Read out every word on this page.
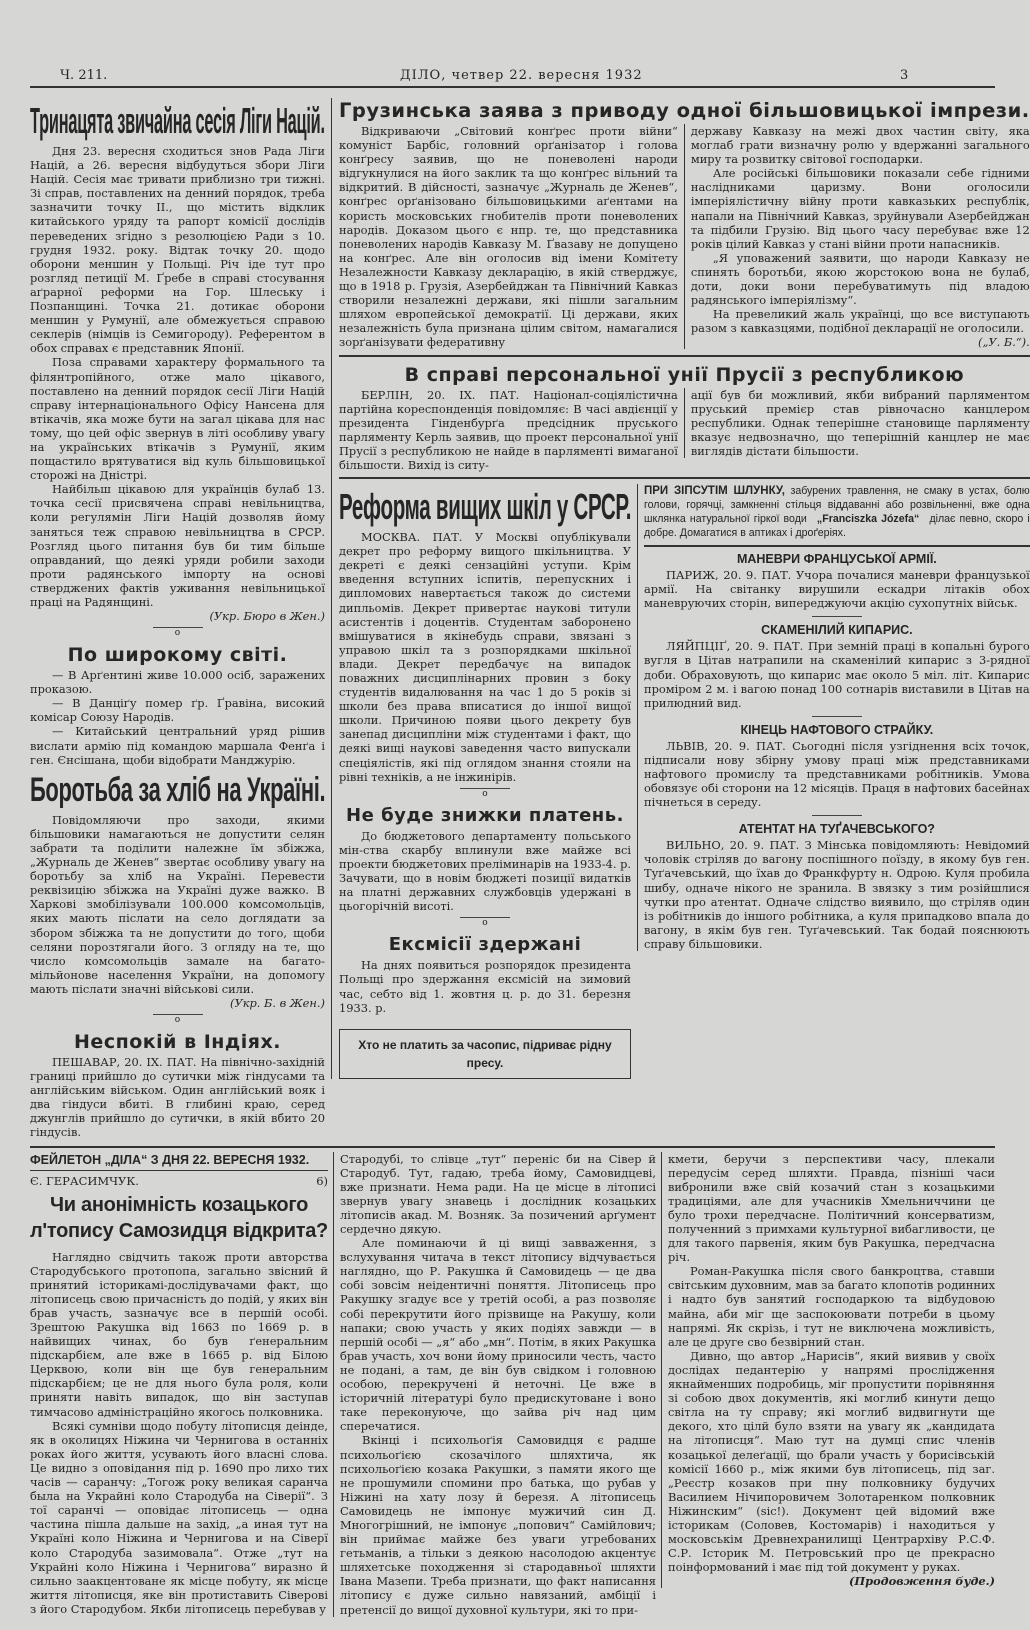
Ч. 211.	ДІЛО, четвер 22. вересня 1932	3
Тринацята звичайна сесія Ліги Націй.

Дня 23. вересня сходиться знов Рада Ліги Націй, а 26. вересня відбудуться збори Ліги Націй. Сесія має тривати приблизно три тижні. Зі справ, поставлених на денний порядок, треба зазначити точку II., що містить відклик китайського уряду та рапорт комісії дослідів переведених згідно з резолюцією Ради з 10. грудня 1932. року. Відтак точку 20. щодо оборони меншин у Польщі. Річ іде тут про розгляд петиції М. Ґребе в справі стосування аґрарної реформи на Гор. Шлеську і Позпанщині. Точка 21. дотикає оборони меншин у Румунії, але обмежується справою секлерів (німців із Семигороду). Референтом в обох справах є представник Японії.

Поза справами характеру формального та філянтропійного, отже мало цікавого, поставлено на денний порядок сесії Ліги Націй справу інтернаціонального Офісу Нансена для втікачів, яка може бути на загал цікава для нас тому, що цей офіс звернув в літі особливу увагу на українських втікачів з Румунії, яким пощастило врятуватися від куль більшовицької сторожі на Дністрі.

Найбільш цікавою для українців булаб 13. точка сесії присвячена справі невільництва, коли регулямін Ліги Націй дозволяв йому заняться теж справою невільництва в СРСР. Розгляд цього питання був би тим більше оправданий, що деякі уряди робили заходи проти радянського імпорту на основі стверджених фактів уживання невільницької праці на Радянщині.

(Укр. Бюро в Жен.)
o
По широкому світі.

— В Арґентині живе 10.000 осіб, заражених проказою.

— В Данціґу помер ґр. Ґравіна, високий комісар Союзу Народів.

— Китайський центральний уряд рішив вислати армію під командою маршала Фенґа і ген. Єнсішана, щоби відобрати Манджурію.

Боротьба за хліб на Україні.

Повідомляючи про заходи, якими більшовики намагаються не допустити селян забрати та поділити належне їм збіжжа, „Журналь де Женев“ звертає особливу увагу на боротьбу за хліб на Україні. Перевести реквізицію збіжжа на Україні дуже важко. В Харкові змобілізували 100.000 комсомольців, яких мають післати на село доглядати за збором збіжжа та не допустити до того, щоби селяни порозтягали його. З огляду на те, що число комсомольців замале на багато-мільйонове населення України, на допомогу мають післати значні військові сили.

(Укр. Б. в Жен.)
o
Неспокій в Індіях.

ПЕШАВАР, 20. IX. ПАТ. На північно-західній границі прийшло до сутички між гіндусами та англійським військом. Один англійський вояк і два гіндуси вбиті. В глибині краю, серед джунглів прийшло до сутички, в якій вбито 20 гіндусів.

Грузинська заява з приводу одної більшовицької імпрези.

Відкриваючи „Світовий конґрес проти війни“ комуніст Барбіс, головний орґанізатор і голова конґресу заявив, що не поневолені народи відгукнулися на його заклик та що конґрес вільний та відкритий. В дійсності, зазначує „Журналь де Женев“, конґрес орґанізовано більшовицькими аґентами на користь московських гнобителів проти поневолених народів. Доказом цього є нпр. те, що представника поневолених народів Кавказу М. Ґвазаву не допущено на конґрес. Але він оголосив від імени Комітету Незалежности Кавказу декларацію, в якій стверджує, що в 1918 р. Грузія, Азербейджан та Північний Кавказ створили незалежні держави, які пішли загальним шляхом европейської демократії. Ці держави, яких незалежність була признана цілим світом, намагалися зорґанізувати федеративну

державу Кавказу на межі двох частин світу, яка моглаб грати визначну ролю у вдержанні загального миру та розвитку світової господарки.

Але російські більшовики показали себе гідними наслідниками царизму. Вони оголосили імперіялістичну війну проти кавказьких республік, напали на Північний Кавказ, зруйнували Азербейджан та підбили Грузію. Від цього часу перебуває вже 12 років цілий Кавказ у стані війни проти напасників.

„Я уповажений заявити, що народи Кавказу не спинять боротьби, якою жорстокою вона не булаб, доти, доки вони перебуватимуть під владою радянського імперіялізму“.

На превеликий жаль українці, що все виступають разом з кавказцями, подібної декларації не оголосили.

(„У. Б.“).
В справі персональної унії Прусії з республикою

БЕРЛІН, 20. IX. ПАТ. Націонал-соціялістична партійна кореспонденція повідомляє: В часі авдієнції у президента Гінденбурґа предсідник пруського парляменту Керль заявив, що проект персональної унії Прусії з республикою не найде в парляменті вимаганої більшости. Вихід із ситу-

ації був би можливий, якби вибраний парляментом пруський премієр став рівночасно канцлером республики. Однак теперішне становище парляменту вказує недвозначно, що теперішній канцлер не має виглядів дістати більшости.

Реформа вищих шкіл у СРСР.

МОСКВА. ПАТ. У Москві опублікували декрет про реформу вищого шкільництва. У декреті є деякі сензаційні уступи. Крім введення вступних іспитів, перепускних і дипломових навертається також до системи дипльомів. Декрет привертає наукові титули асистентів і доцентів. Студентам заборонено вмішуватися в якінебудь справи, звязані з управою шкіл та з розпорядками шкільної влади. Декрет передбачує на випадок поважних дисциплінарних провин з боку студентів видалювання на час 1 до 5 років зі школи без права вписатися до іншої вищої школи. Причиною появи цього декрету був занепад дисципліни між студентами і факт, що деякі вищі наукові заведення часто випускали спеціялістів, які під оглядом знання стояли на рівні техніків, а не інжинірів.

o
Не буде знижки платень.

До бюджетового департаменту польського мін-ства скарбу вплинули вже майже всі проекти бюджетових преліминарів на 1933-4. р. Зачувати, що в новім бюджеті позиції видатків на платні державних службовців удержані в цьогорічній висоті.

o
Ексмісії здержані

На днях появиться розпорядок президента Польщі про здержання ексмісій на зимовий час, себто від 1. жовтня ц. р. до 31. березня 1933. р.

Хто не платить за часопис, підриває рідну пресу.
ПРИ ЗІПСУТІМ ШЛУНКУ, забурених травлення, не смаку в устах, болю голови, горячці, замкненні стільця віддаванні або розвільненні, вже одна шклянка натуральної гіркої води „Franciszka Józefa“ ділає певно, скоро і добре. Домагатися в аптиках і дроґеріях.
МАНЕВРИ ФРАНЦУСЬКОЇ АРМІЇ.

ПАРИЖ, 20. 9. ПАТ. Учора почалися маневри французької армії. На світанку вирушили ескадри літаків обох маневруючих сторін, випереджуючи акцію сухопутніх військ.

СКАМЕНІЛИЙ КИПАРИС.

ЛЯЙПЦІҐ, 20. 9. ПАТ. При земній праці в копальні бурого вугля в Цітав натрапили на скаменілий кипарис з 3-рядної доби. Обраховують, що кипарис має около 5 міл. літ. Кипарис проміром 2 м. і вагою понад 100 сотнарів виставили в Цітав на прилюдний вид.

КІНЕЦЬ НАФТОВОГО СТРАЙКУ.

ЛЬВІВ, 20. 9. ПАТ. Сьогодні після узгіднення всіх точок, підписали нову збірну умову праці між представниками нафтового промислу та представниками робітників. Умова обовязує обі сторони на 12 місяців. Праця в нафтових басейнах пічнеться в середу.

АТЕНТАТ НА ТУҐАЧЕВСЬКОГО?

ВИЛЬНО, 20. 9. ПАТ. З Мінська повідомляють: Невідомий чоловік стріляв до вагону поспішного поїзду, в якому був ген. Туґачевський, що їхав до Франкфурту н. Одрою. Куля пробила шибу, одначе нікого не зранила. В звязку з тим розійшлися чутки про атентат. Одначе слідство виявило, що стріляв один із робітників до іншого робітника, а куля припадково впала до вагону, в якім був ген. Туґачевський. Так бодай пояснюють справу більшовики.

ФЕЙЛЕТОН „ДІЛА“ З ДНЯ 22. ВЕРЕСНЯ 1932.
Є. ГЕРАСИМЧУК.	6)
Чи анонімність козацького л'топису Самозидця відкрита?

Наглядно свідчить також проти авторства Стародубського протопопа, загально звісний й принятий історикамі-дослідувачами факт, що літописець свою причасність до подій, у яких він брав участь, зазначує все в першій особі. Зрештою Ракушка від 1663 по 1669 р. в найвищих чинах, бо був ґенеральним підскарбієм, але вже в 1665 р. від Білою Церквою, коли він ще був генеральним підскарбієм; це не для нього була роля, коли приняти навіть випадок, що він заступав тимчасово адміністраційно якогось полковника.

Всякі сумніви щодо побуту літописця деінде, як в околицях Ніжина чи Чернигова в останніх роках його життя, усувають його власні слова. Це видно з оповідання під р. 1690 про лихо тих часів — саранчу: „Тогож року великая саранча была на Украйні коло Стародуба на Сіверії“. З тої саранчі — оповідає літописець — одна частина пішла дальше на захід, „а иная тут на Україні коло Ніжина и Чернигова и на Сіверї коло Стародуба зазимовала“. Отже „тут на Украйні коло Ніжина і Чернигова“ виразно й сильно заакцентоване як місце побуту, як місце життя літописця, яке він протиставить Сіверові з його Стародубом. Якби літописець перебував у

Стародубі, то слівце „тут“ переніс би на Сівер й Стародуб. Тут, гадаю, треба йому, Самовидцеві, вже признати. Нема ради. На це місце в літописі звернув увагу знавець і дослідник козацьких літописів акад. М. Возняк. За позичений арґумент сердечно дякую.

Але поминаючи й ці вищі завваження, з вслухування читача в текст літопису відчувається наглядно, що Р. Ракушка й Самовидець — це два собі зовсім неідентичні поняття. Літописець про Ракушку згадує все у третій особі, а раз позволяє собі перекрутити його прізвище на Ракушу, коли напаки; свою участь у яких подіях завжди — в першій особі — „я“ або „мн“. Потім, в яких Ракушка брав участь, хоч вони йому приносили честь, часто не подані, а там, де він був свідком і головною особою, перекручені й неточні. Це вже в історичній літературі було предискутоване і воно таке переконуюче, що зайва річ над цим сперечатися.

Вкінці і психольоґія Самовидця є радше психольоґією скозачілого шляхтича, як психольоґією козака Ракушки, з памяти якого ще не прошумили спомини про батька, що рубав у Ніжині на хату лозу й березя. А літописець Самовидець не імпонує мужичий син Д. Многогрішний, не імпонує „попович“ Самійлович; він приймає майже без уваги угребованих гетьманів, а тільки з деякою насолодою акцентує шляхетське походження зі стародавньої шляхти Івана Мазепи. Треба признати, що факт написання літопису є дуже сильно навязаний, амбіції і претенсії до вищої духовної культури, які то при-

кмети, беручи з перспективи часу, плекали передусім серед шляхти. Правда, пізніші часи вибронили вже свій козачий стан з козацькими традиціями, але для учасників Хмельниччини це було трохи передчасне. Політичний консерватизм, полученний з примхами культурної вибагливости, це для такого парвенія, яким був Ракушка, передчасна річ.

Роман-Ракушка після свого банкроцтва, ставши світським духовним, мав за багато клопотів родинних і надто був занятий господаркою та відбудовою майна, аби міг ще заспокоювати потреби в цьому напрямі. Як скрізь, і тут не виключена можливість, але це друге сво безвірний стан.

Дивно, що автор „Нарисів“, який виявив у своїх дослідах педантерію у напрямі прослідження якнайменших подробиць, міг пропустити порівняння зі собою двох документів, які моглиб кинути дещо світла на ту справу; які моглиб видвигнути ще декого, хто цілй було взяти на увагу як „кандидата на літописця“. Маю тут на думці спис членів козацької делеґації, що брали участь у борисівській комісії 1660 р., між якими був літописець, під заг. „Реєстр козаков при пну полковнику будучих Василием Нічипоровичем Золотаренком полковник Ніжинским“ (sic!). Документ цей відомий вже історикам (Соловев, Костомарів) і находиться у московськім Древнехранилищі Центрархіву Р.С.Ф. С.Р. Історик М. Петровський про це прекрасно поінформований і має під той документ у руках.

(Продовження буде.)
